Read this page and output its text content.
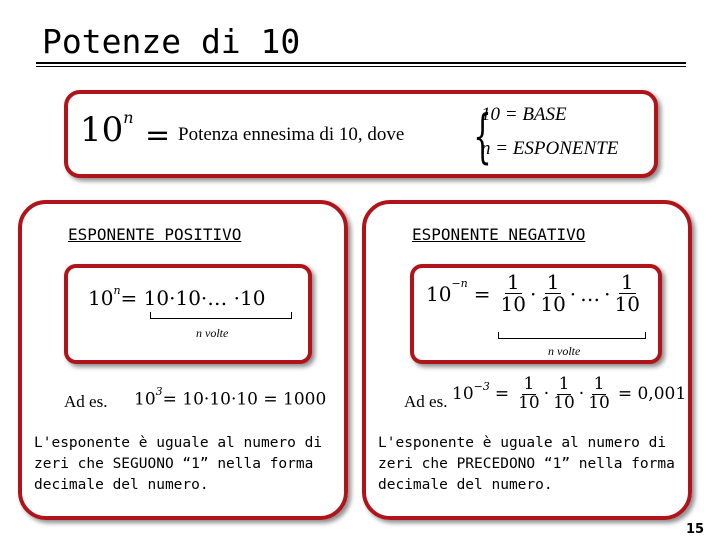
Potenze di 10
$10^n$
= Potenza ennesima di 10, dove {
10 = BASE
n = ESPONENTE
ESPONENTE POSITIVO
$10^n=$ 10·10·… ·10
n volte
Ad es. $10^3= 10\cdot 10\cdot 10 = 1000$
L'esponente è uguale al numero di zeri che SEGUONO “1” nella forma decimale del numero.
ESPONENTE NEGATIVO
$10^{-n} = \frac{1}{10} \cdot \frac{1}{10}$ · … · $\frac{1}{10}$
n volte
Ad es. $10^{-3} = \frac{1}{10} \cdot \frac{1}{10} \cdot \frac{1}{10} = 0,001$
L'esponente è uguale al numero di zeri che PRECEDONO “1” nella forma decimale del numero.
15
